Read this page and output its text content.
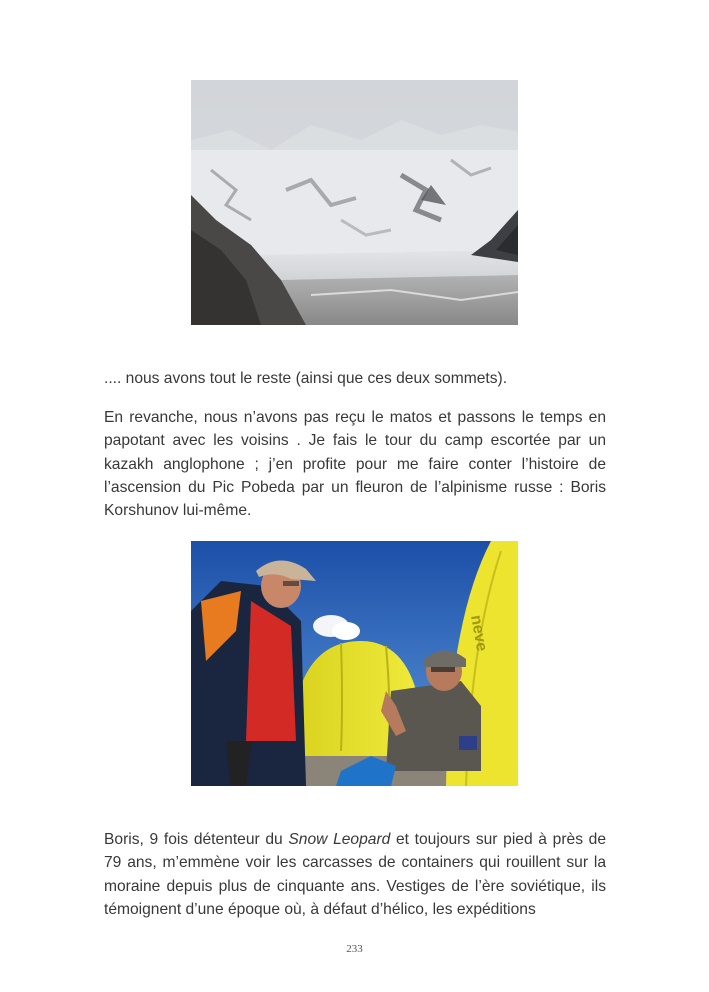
.... nous avons tout le reste (ainsi que ces deux sommets).

En revanche, nous n’avons pas reçu le matos et passons le temps en papotant avec les voisins . Je fais le tour du camp escortée par un kazakh anglophone ; j’en profite pour me faire conter l’histoire de l’ascension du Pic Pobeda par un fleuron de l’alpinisme russe : Boris Korshunov lui-même.

neve

Boris, 9 fois détenteur du Snow Leopard et toujours sur pied à près de 79 ans, m’emmène voir les carcasses de containers qui rouillent sur la moraine depuis plus de cinquante ans. Vestiges de l’ère soviétique, ils témoignent d’une époque où, à défaut d’hélico, les expéditions

233
